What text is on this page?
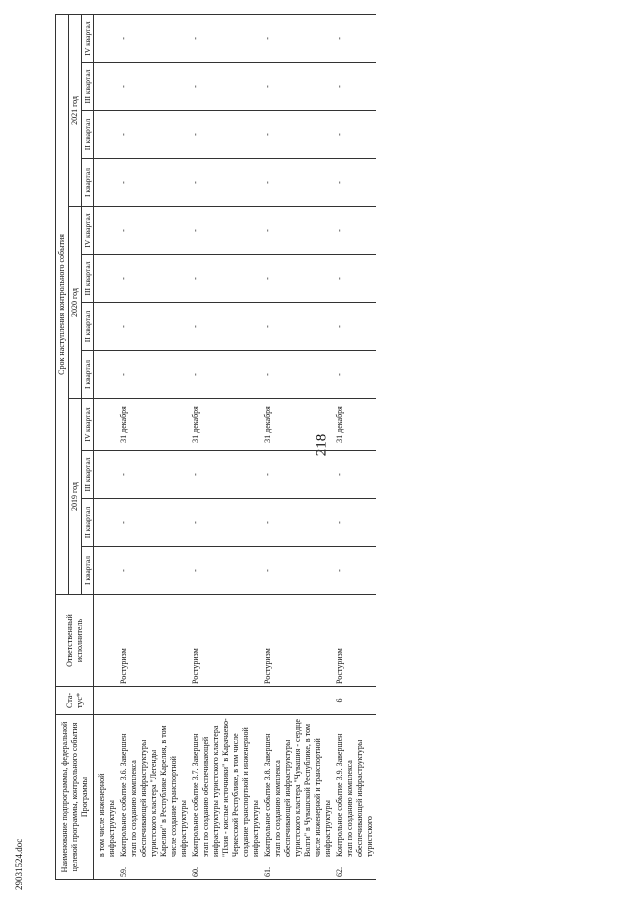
218
29031524.doc	Наименование подпрограммы, федеральной целевой программы, контрольного события Программы	Ста-тус*	Ответственный исполнитель	Срок наступления контрольного события											
			2019 год				2020 год				2021 год			
			I квартал	II квартал	III квартал	IV квартал	I квартал	II квартал	III квартал	IV квартал	I квартал	II квартал	III квартал	IV квартал

в том числе инженерной инфраструктуры														

59.
Контрольное событие 3.6. Завершен этап по созданию комплекса обеспечивающей инфраструктуры туристского кластера "Легенды Карелии" в Республике Карелия, в том числе создание транспортной инфраструктуры		Ростуризм	-	-	-	31 декабря	-	-	-	-	-	-	-	-

60.
Контрольное событие 3.7. Завершен этап по созданию обеспечивающей инфраструктуры туристского кластера "Пхия - кислые источники" в Карачаево-Черкесской Республике, в том числе создание транспортной и инженерной инфраструктуры		Ростуризм	-	-	-	31 декабря	-	-	-	-	-	-	-	-

61.
Контрольное событие 3.8. Завершен этап по созданию комплекса обеспечивающей инфраструктуры туристского кластера "Чувашия - сердце Волги" в Чувашской Республике, в том числе инженерной и транспортной инфраструктуры		Ростуризм	-	-	-	31 декабря	-	-	-	-	-	-	-	-

62.
Контрольное событие 3.9. Завершен этап по созданию комплекса обеспечивающей инфраструктуры туристского	6	Ростуризм	-	-	-	31 декабря	-	-	-	-	-	-	-	-
